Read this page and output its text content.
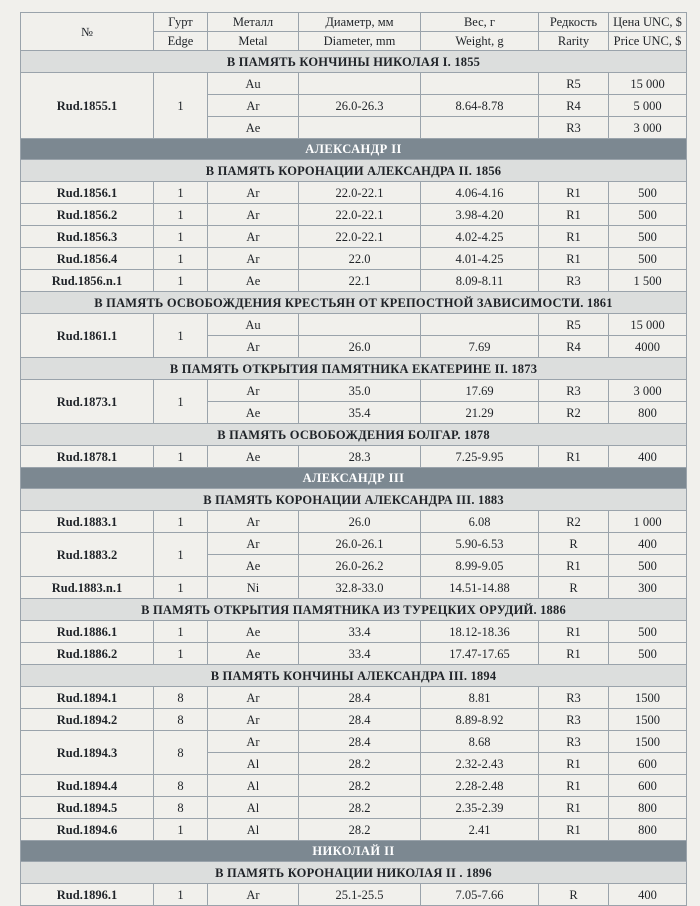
№	Гурт	Металл	Диаметр, мм	Вес, г	Редкость	Цена UNC, $
	Edge	Metal	Diameter, mm	Weight, g	Rarity	Price UNC, $
В ПАМЯТЬ КОНЧИНЫ НИКОЛАЯ I. 1855						
Rud.1855.1	1	Au			R5	15 000
		Ar	26.0-26.3	8.64-8.78	R4	5 000
		Ae			R3	3 000
АЛЕКСАНДР II						
В ПАМЯТЬ КОРОНАЦИИ АЛЕКСАНДРА II. 1856						
Rud.1856.1	1	Ar	22.0-22.1	4.06-4.16	R1	500
Rud.1856.2	1	Ar	22.0-22.1	3.98-4.20	R1	500
Rud.1856.3	1	Ar	22.0-22.1	4.02-4.25	R1	500
Rud.1856.4	1	Ar	22.0	4.01-4.25	R1	500
Rud.1856.n.1	1	Ae	22.1	8.09-8.11	R3	1 500
В ПАМЯТЬ ОСВОБОЖДЕНИЯ КРЕСТЬЯН ОТ КРЕПОСТНОЙ ЗАВИСИМОСТИ. 1861						
Rud.1861.1	1	Au			R5	15 000
		Ar	26.0	7.69	R4	4000
В ПАМЯТЬ ОТКРЫТИЯ ПАМЯТНИКА ЕКАТЕРИНЕ II. 1873						
Rud.1873.1	1	Ar	35.0	17.69	R3	3 000
		Ae	35.4	21.29	R2	800
В ПАМЯТЬ ОСВОБОЖДЕНИЯ БОЛГАР. 1878						
Rud.1878.1	1	Ae	28.3	7.25-9.95	R1	400
АЛЕКСАНДР III						
В ПАМЯТЬ КОРОНАЦИИ АЛЕКСАНДРА III. 1883						
Rud.1883.1	1	Ar	26.0	6.08	R2	1 000
Rud.1883.2	1	Ar	26.0-26.1	5.90-6.53	R	400
		Ae	26.0-26.2	8.99-9.05	R1	500
Rud.1883.n.1	1	Ni	32.8-33.0	14.51-14.88	R	300
В ПАМЯТЬ ОТКРЫТИЯ ПАМЯТНИКА ИЗ ТУРЕЦКИХ ОРУДИЙ. 1886						
Rud.1886.1	1	Ae	33.4	18.12-18.36	R1	500
Rud.1886.2	1	Ae	33.4	17.47-17.65	R1	500
В ПАМЯТЬ КОНЧИНЫ АЛЕКСАНДРА III. 1894						
Rud.1894.1	8	Ar	28.4	8.81	R3	1500
Rud.1894.2	8	Ar	28.4	8.89-8.92	R3	1500
Rud.1894.3	8	Ar	28.4	8.68	R3	1500
		Al	28.2	2.32-2.43	R1	600
Rud.1894.4	8	Al	28.2	2.28-2.48	R1	600
Rud.1894.5	8	Al	28.2	2.35-2.39	R1	800
Rud.1894.6	1	Al	28.2	2.41	R1	800
НИКОЛАЙ II						
В ПАМЯТЬ КОРОНАЦИИ НИКОЛАЯ II . 1896						
Rud.1896.1	1	Ar	25.1-25.5	7.05-7.66	R	400
